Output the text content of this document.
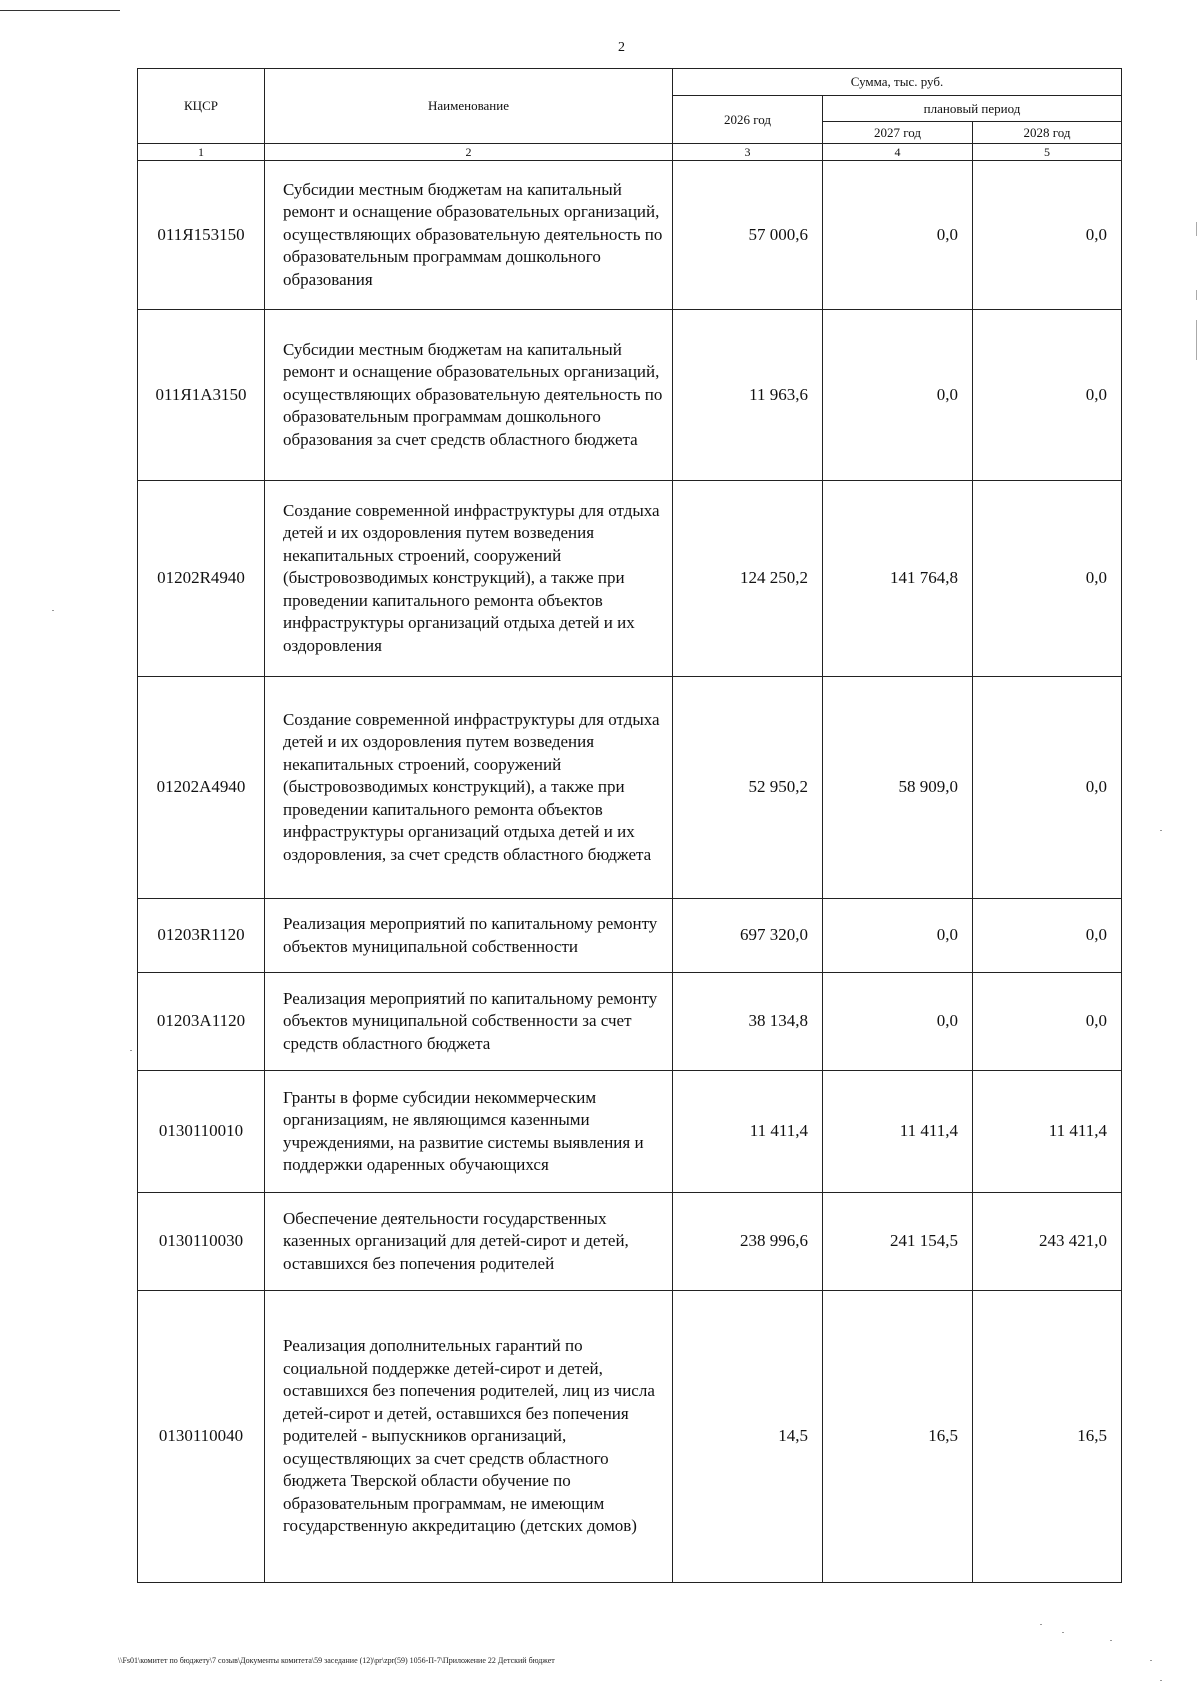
2
КЦСР	Наименование	Сумма, тыс. руб.		
		2026 год	плановый период	
			2027 год	2028 год
1	2	3	4	5
011Я153150	Субсидии местным бюджетам на капитальный ремонт и оснащение образовательных организаций, осуществляющих образовательную деятельность по образовательным программам дошкольного образования	57 000,6	0,0	0,0
011Я1А3150	Субсидии местным бюджетам на капитальный ремонт и оснащение образовательных организаций, осуществляющих образовательную деятельность по образовательным программам дошкольного образования за счет средств областного бюджета	11 963,6	0,0	0,0
01202R4940	Создание современной инфраструктуры для отдыха детей и их оздоровления путем возведения некапитальных строений, сооружений (быстровозводимых конструкций), а также при проведении капитального ремонта объектов инфраструктуры организаций отдыха детей и их оздоровления	124 250,2	141 764,8	0,0
01202А4940	Создание современной инфраструктуры для отдыха детей и их оздоровления путем возведения некапитальных строений, сооружений (быстровозводимых конструкций), а также при проведении капитального ремонта объектов инфраструктуры организаций отдыха детей и их оздоровления, за счет средств областного бюджета	52 950,2	58 909,0	0,0
01203R1120	Реализация мероприятий по капитальному ремонту объектов муниципальной собственности	697 320,0	0,0	0,0
01203А1120	Реализация мероприятий по капитальному ремонту объектов муниципальной собственности за счет средств областного бюджета	38 134,8	0,0	0,0
0130110010	Гранты в форме субсидии некоммерческим организациям, не являющимся казенными учреждениями, на развитие системы выявления и поддержки одаренных обучающихся	11 411,4	11 411,4	11 411,4
0130110030	Обеспечение деятельности государственных казенных организаций для детей-сирот и детей, оставшихся без попечения родителей	238 996,6	241 154,5	243 421,0
0130110040	Реализация дополнительных гарантий по социальной поддержке детей-сирот и детей, оставшихся без попечения родителей, лиц из числа детей-сирот и детей, оставшихся без попечения родителей - выпускников организаций, осуществляющих за счет средств областного бюджета Тверской области обучение по образовательным программам, не имеющим государственную аккредитацию (детских домов)	14,5	16,5	16,5
\\Fs01\комитет по бюджету\7 созыв\Документы комитета\59 заседание (12)\pr\zpr(59) 1056-П-7\Приложение 22 Детский бюджет
